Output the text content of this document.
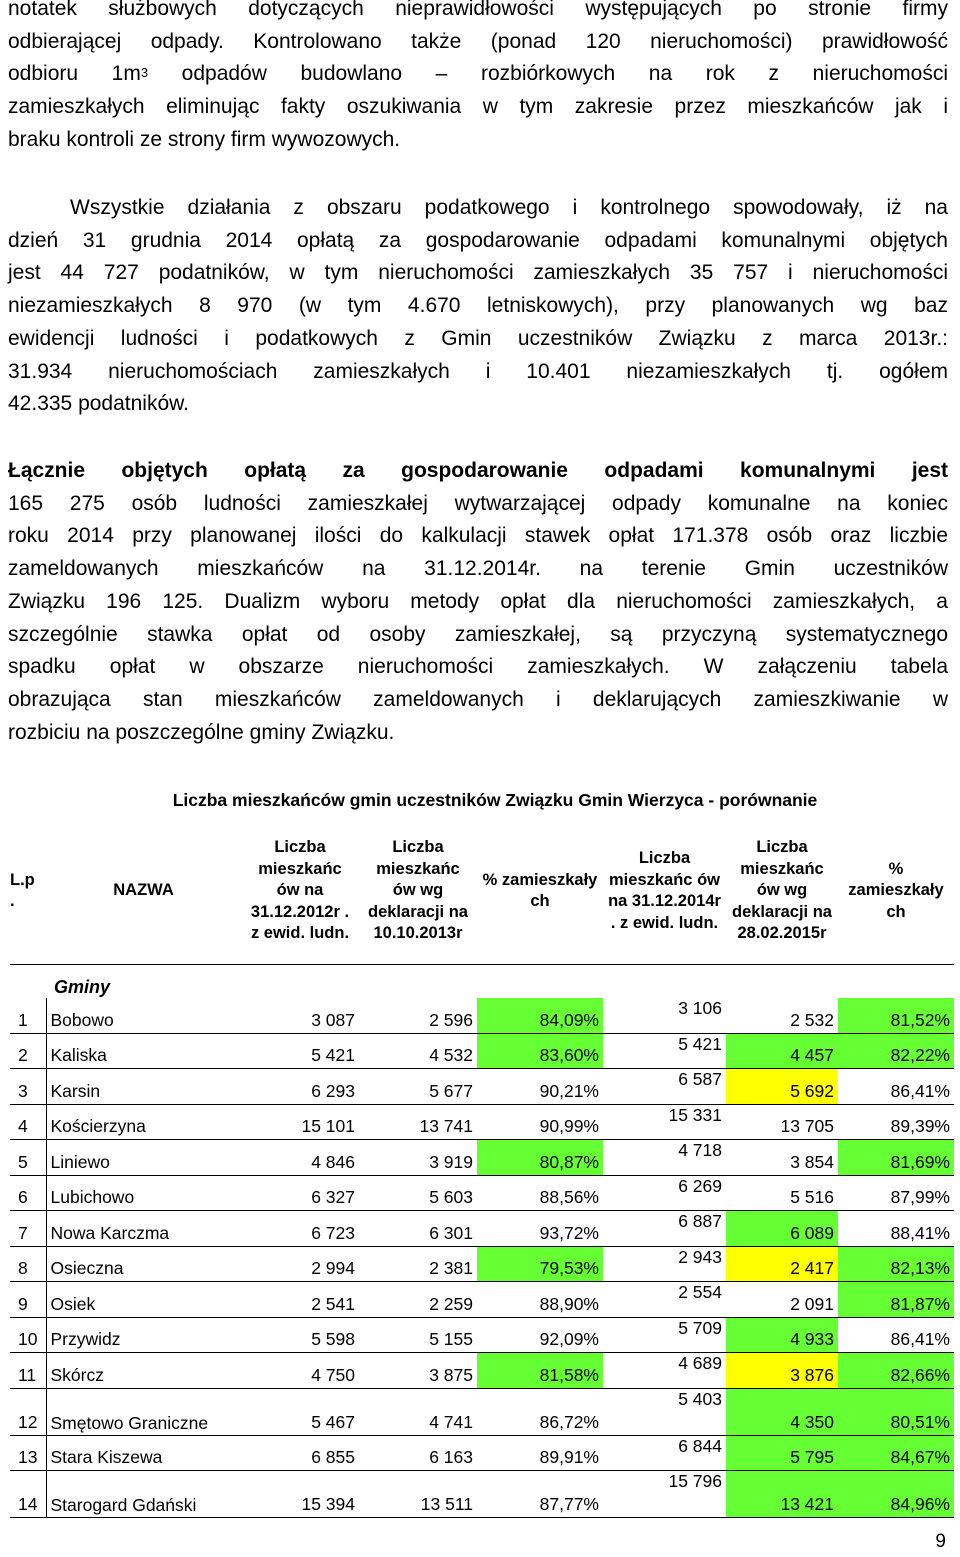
notatek służbowych dotyczących nieprawidłowości występujących po stronie firmy
odbierającej odpady. Kontrolowano także (ponad 120 nieruchomości) prawidłowość
odbioru $1m^3$ odpadów budowlano – rozbiórkowych na rok z nieruchomości
zamieszkałych eliminując fakty oszukiwania w tym zakresie przez mieszkańców jak i
braku kontroli ze strony firm wywozowych.
Wszystkie działania z obszaru podatkowego i kontrolnego spowodowały, iż na
dzień 31 grudnia 2014 opłatą za gospodarowanie odpadami komunalnymi objętych
jest 44 727 podatników, w tym nieruchomości zamieszkałych 35 757 i nieruchomości
niezamieszkałych 8 970 (w tym 4.670 letniskowych), przy planowanych wg baz
ewidencji ludności i podatkowych z Gmin uczestników Związku z marca 2013r.:
31.934 nieruchomościach zamieszkałych i 10.401 niezamieszkałych tj. ogółem
42.335 podatników.
Łącznie objętych opłatą za gospodarowanie odpadami komunalnymi jest
165 275 osób ludności zamieszkałej wytwarzającej odpady komunalne na koniec
roku 2014 przy planowanej ilości do kalkulacji stawek opłat 171.378 osób oraz liczbie
zameldowanych mieszkańców na 31.12.2014r. na terenie Gmin uczestników
Związku 196 125. Dualizm wyboru metody opłat dla nieruchomości zamieszkałych, a
szczególnie stawka opłat od osoby zamieszkałej, są przyczyną systematycznego
spadku opłat w obszarze nieruchomości zamieszkałych. W załączeniu tabela
obrazująca stan mieszkańców zameldowanych i deklarujących zamieszkiwanie w
rozbiciu na poszczególne gminy Związku.
Liczba mieszkańców gmin uczestników Związku Gmin Wierzyca - porównanie
L.p .	NAZWA	Liczba mieszkańc ów na 31.12.2012r . z ewid. ludn.	Liczba mieszkańc ów wg deklaracji na 10.10.2013r	% zamieszkały ch	Liczba mieszkańc ów na 31.12.2014r . z ewid. ludn.	Liczba mieszkańc ów wg deklaracji na 28.02.2015r	% zamieszkały ch
Gminy							
1	Bobowo	3 087	2 596	84,09%	3 106	2 532	81,52%
2	Kaliska	5 421	4 532	83,60%	5 421	4 457	82,22%
3	Karsin	6 293	5 677	90,21%	6 587	5 692	86,41%
4	Kościerzyna	15 101	13 741	90,99%	15 331	13 705	89,39%
5	Liniewo	4 846	3 919	80,87%	4 718	3 854	81,69%
6	Lubichowo	6 327	5 603	88,56%	6 269	5 516	87,99%
7	Nowa Karczma	6 723	6 301	93,72%	6 887	6 089	88,41%
8	Osieczna	2 994	2 381	79,53%	2 943	2 417	82,13%
9	Osiek	2 541	2 259	88,90%	2 554	2 091	81,87%
10	Przywidz	5 598	5 155	92,09%	5 709	4 933	86,41%
11	Skórcz	4 750	3 875	81,58%	4 689	3 876	82,66%
12	Smętowo Graniczne	5 467	4 741	86,72%	5 403	4 350	80,51%
13	Stara Kiszewa	6 855	6 163	89,91%	6 844	5 795	84,67%
14	Starogard Gdański	15 394	13 511	87,77%	15 796	13 421	84,96%
9
